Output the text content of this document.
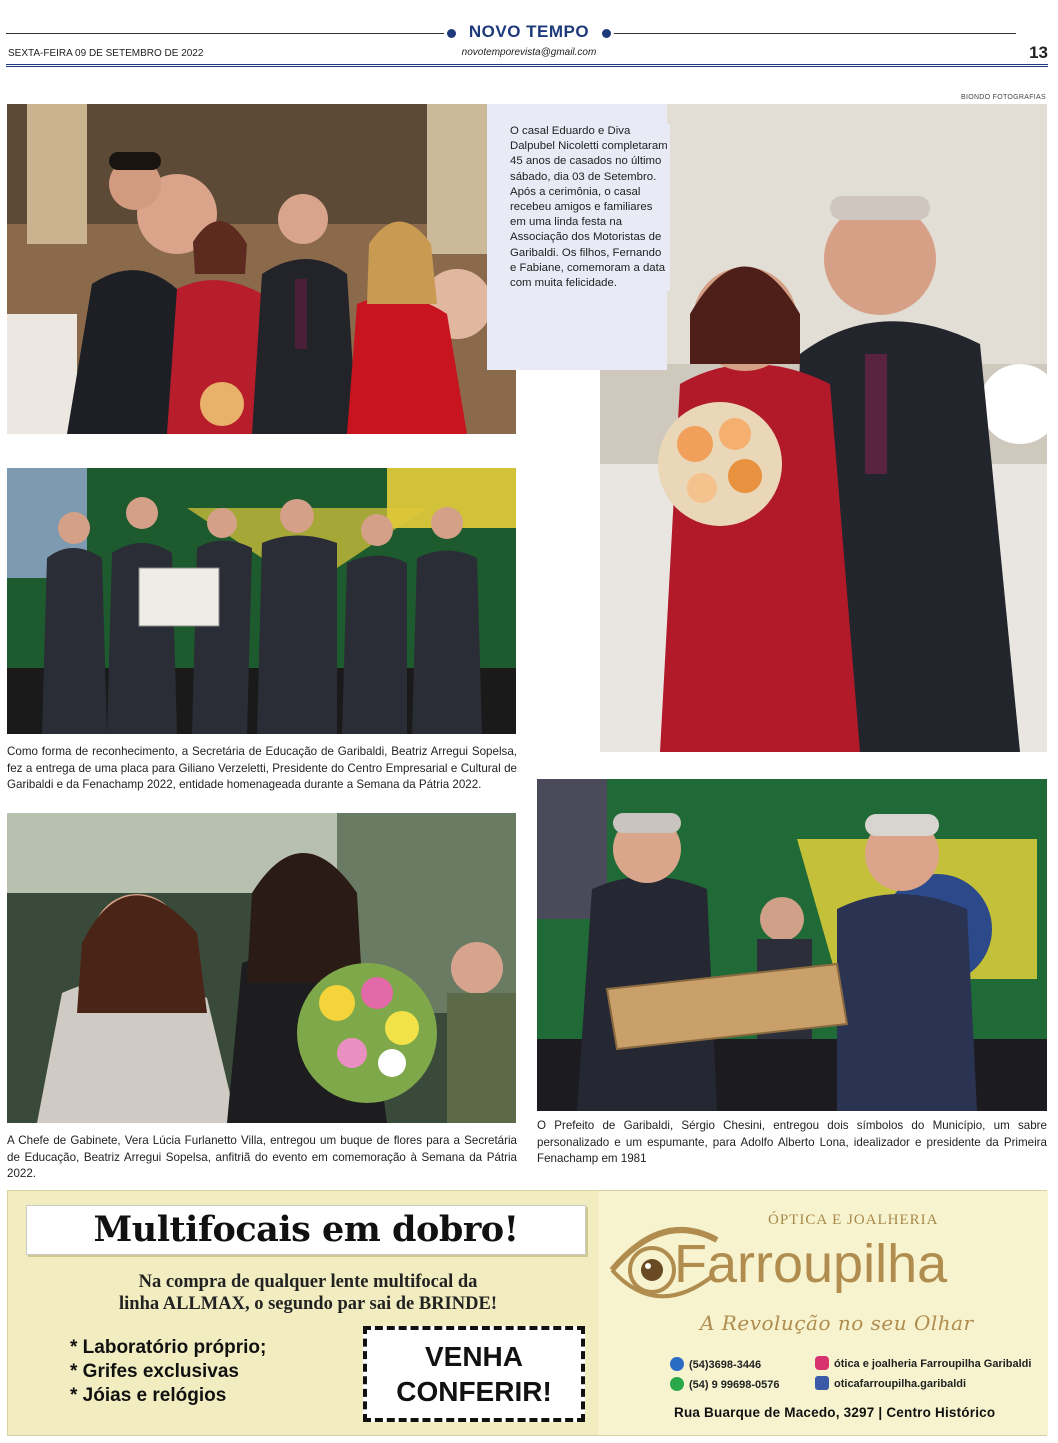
NOVO TEMPO
SEXTA-FEIRA 09 DE SETEMBRO DE 2022	novotemporevista@gmail.com	13
BIONDO FOTOGRAFIAS
O casal Eduardo e Diva Dalpubel Nicoletti completaram 45 anos de casados no último sábado, dia 03 de Setembro. Após a cerimônia, o casal recebeu amigos e familiares em uma linda festa na Associação dos Motoristas de Garibaldi. Os filhos, Fernando e Fabiane, comemoram a data com muita felicidade.
Como forma de reconhecimento, a Secretária de Educação de Garibaldi, Beatriz Arregui Sopelsa, fez a entrega de uma placa para Giliano Verzeletti, Presidente do Centro Empresarial e Cultural de Garibaldi e da Fenachamp 2022, entidade homenageada durante a Semana da Pátria 2022.
A Chefe de Gabinete, Vera Lúcia Furlanetto Villa, entregou um buque de flores para a Secretária de Educação, Beatriz Arregui Sopelsa, anfitriã do evento em comemoração à Semana da Pátria 2022.
O Prefeito de Garibaldi, Sérgio Chesini, entregou dois símbolos do Município, um sabre personalizado e um espumante, para Adolfo Alberto Lona, idealizador e presidente da Primeira Fenachamp em 1981
Multifocais em dobro!
Na compra de qualquer lente multifocal da
linha ALLMAX, o segundo par sai de BRINDE!
* Laboratório próprio;
* Grifes exclusivas
* Jóias e relógios
VENHA
CONFERIR!
ÓPTICA E JOALHERIA
Farroupilha
A Revolução no seu Olhar
(54)3698-3446
(54) 9 99698-0576
ótica e joalheria Farroupilha Garibaldi
oticafarroupilha.garibaldi
Rua Buarque de Macedo, 3297 | Centro Histórico
